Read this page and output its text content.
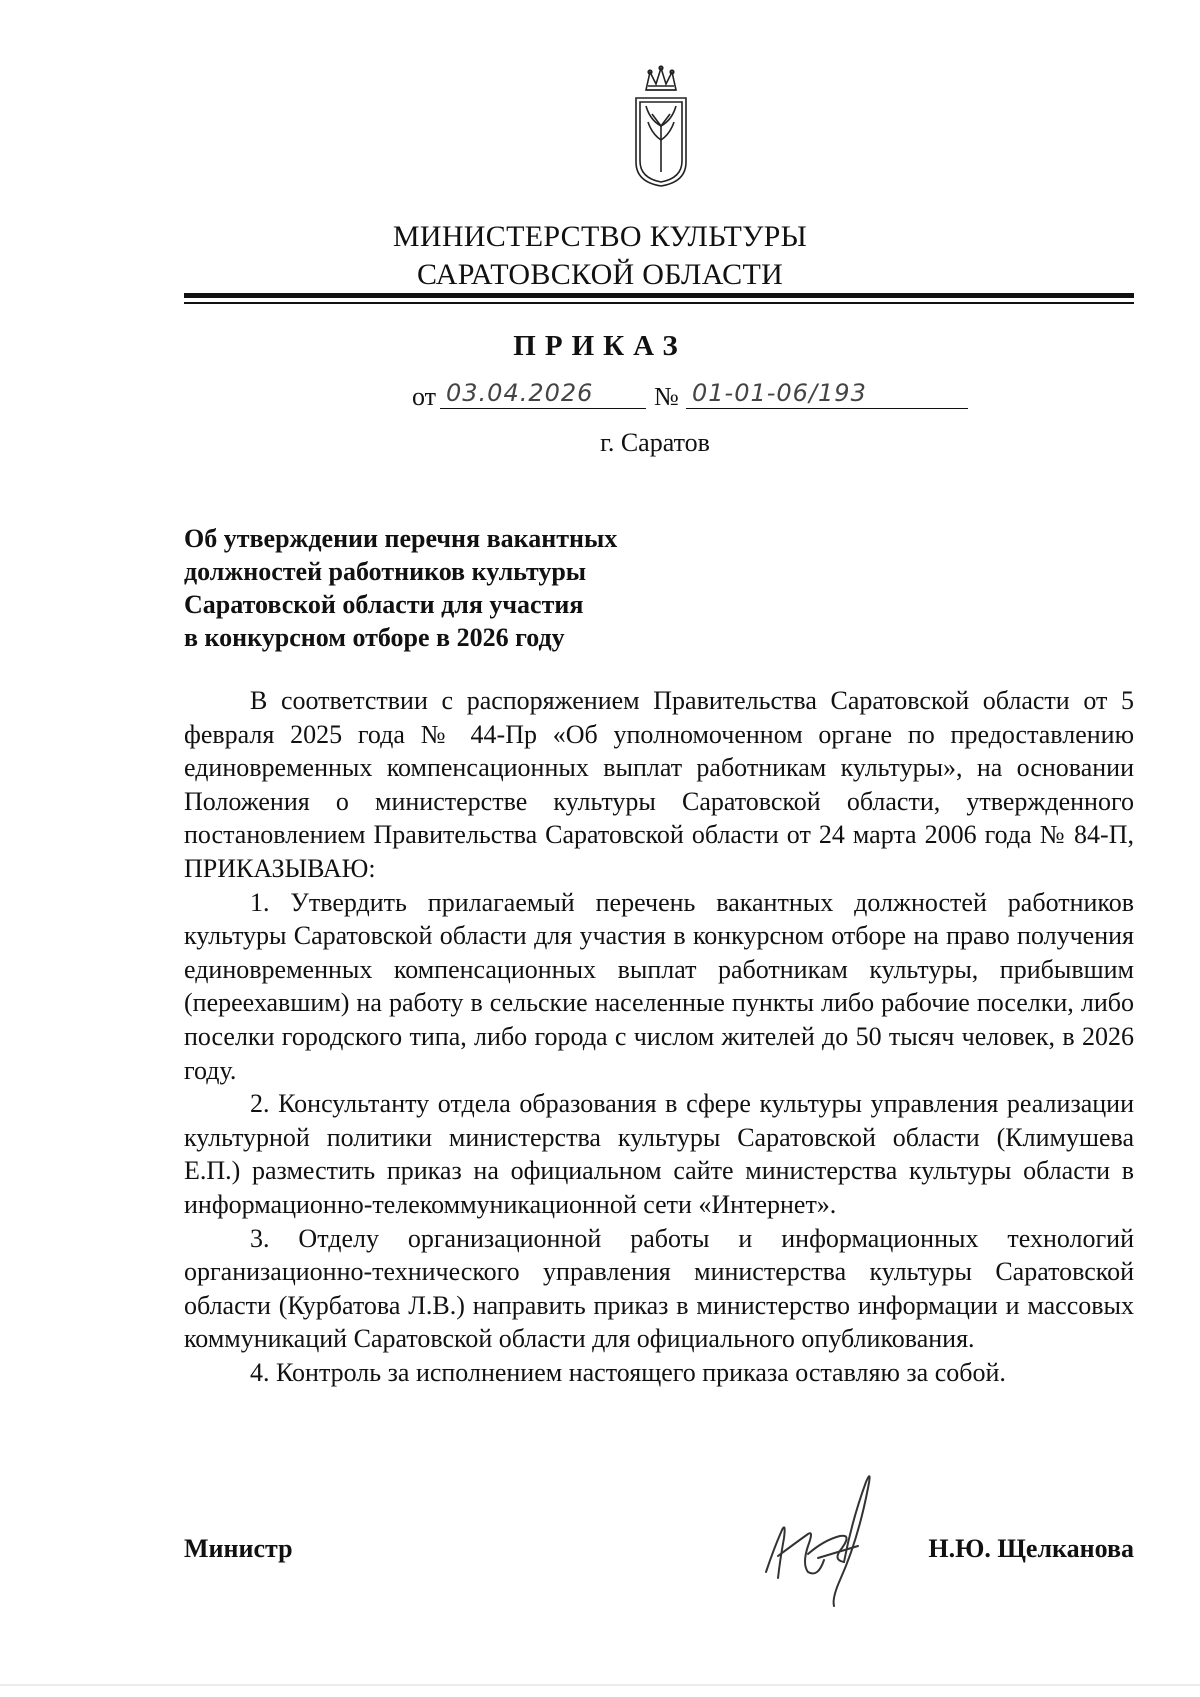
МИНИСТЕРСТВО КУЛЬТУРЫ
САРАТОВСКОЙ ОБЛАСТИ
ПРИКАЗ
от 03.04.2026	№ 01-01-06/193
г. Саратов
Об утверждении перечня вакантных
должностей работников культуры
Саратовской области для участия
в конкурсном отборе в 2026 году

В соответствии с распоряжением Правительства Саратовской области от 5 февраля 2025 года № 44-Пр «Об уполномоченном органе по предоставлению единовременных компенсационных выплат работникам культуры», на основании Положения о министерстве культуры Саратовской области, утвержденного постановлением Правительства Саратовской области от 24 марта 2006 года № 84-П, ПРИКАЗЫВАЮ:

1. Утвердить прилагаемый перечень вакантных должностей работников культуры Саратовской области для участия в конкурсном отборе на право получения единовременных компенсационных выплат работникам культуры, прибывшим (переехавшим) на работу в сельские населенные пункты либо рабочие поселки, либо поселки городского типа, либо города с числом жителей до 50 тысяч человек, в 2026 году.

2. Консультанту отдела образования в сфере культуры управления реализации культурной политики министерства культуры Саратовской области (Климушева Е.П.) разместить приказ на официальном сайте министерства культуры области в информационно-телекоммуникационной сети «Интернет».

3. Отделу организационной работы и информационных технологий организационно-технического управления министерства культуры Саратовской области (Курбатова Л.В.) направить приказ в министерство информации и массовых коммуникаций Саратовской области для официального опубликования.

4. Контроль за исполнением настоящего приказа оставляю за собой.

Министр	Н.Ю. Щелканова
